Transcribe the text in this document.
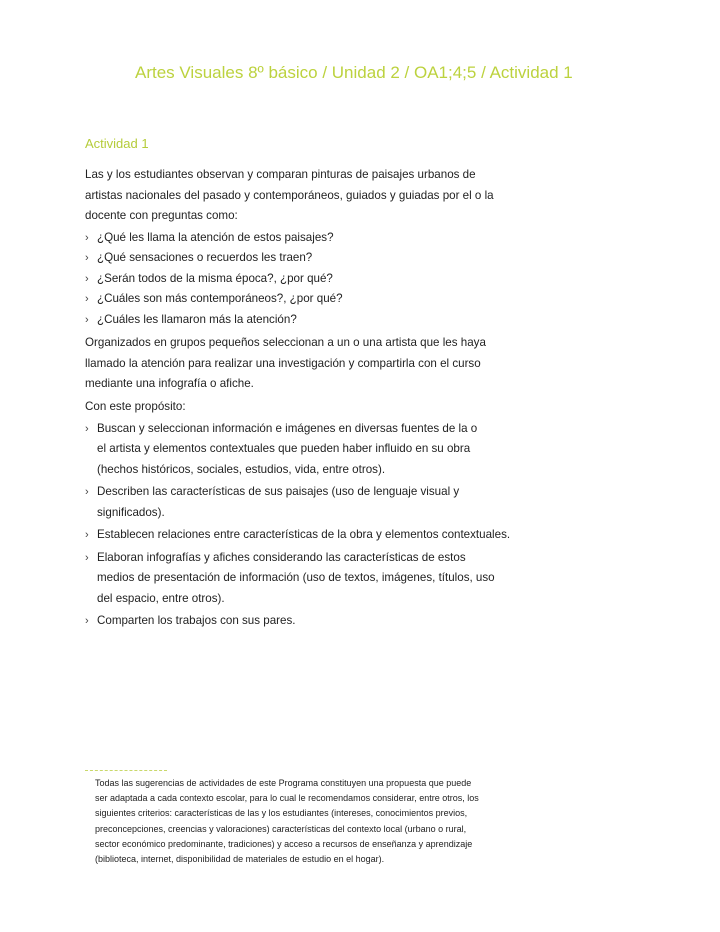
Artes Visuales 8º básico / Unidad 2 / OA1;4;5 / Actividad 1
Actividad 1
Las y los estudiantes observan y comparan pinturas de paisajes urbanos de
artistas nacionales del pasado y contemporáneos, guiados y guiadas por el o la
docente con preguntas como:
› ¿Qué les llama la atención de estos paisajes?
› ¿Qué sensaciones o recuerdos les traen?
› ¿Serán todos de la misma época?, ¿por qué?
› ¿Cuáles son más contemporáneos?, ¿por qué?
› ¿Cuáles les llamaron más la atención?
Organizados en grupos pequeños seleccionan a un o una artista que les haya
llamado la atención para realizar una investigación y compartirla con el curso
mediante una infografía o afiche.
Con este propósito:
› Buscan y seleccionan información e imágenes en diversas fuentes de la o
el artista y elementos contextuales que pueden haber influido en su obra
(hechos históricos, sociales, estudios, vida, entre otros).
› Describen las características de sus paisajes (uso de lenguaje visual y
significados).
› Establecen relaciones entre características de la obra y elementos contextuales.
› Elaboran infografías y afiches considerando las características de estos
medios de presentación de información (uso de textos, imágenes, títulos, uso
del espacio, entre otros).
› Comparten los trabajos con sus pares.
Todas las sugerencias de actividades de este Programa constituyen una propuesta que puede
ser adaptada a cada contexto escolar, para lo cual le recomendamos considerar, entre otros, los
siguientes criterios: características de las y los estudiantes (intereses, conocimientos previos,
preconcepciones, creencias y valoraciones) características del contexto local (urbano o rural,
sector económico predominante, tradiciones) y acceso a recursos de enseñanza y aprendizaje
(biblioteca, internet, disponibilidad de materiales de estudio en el hogar).
